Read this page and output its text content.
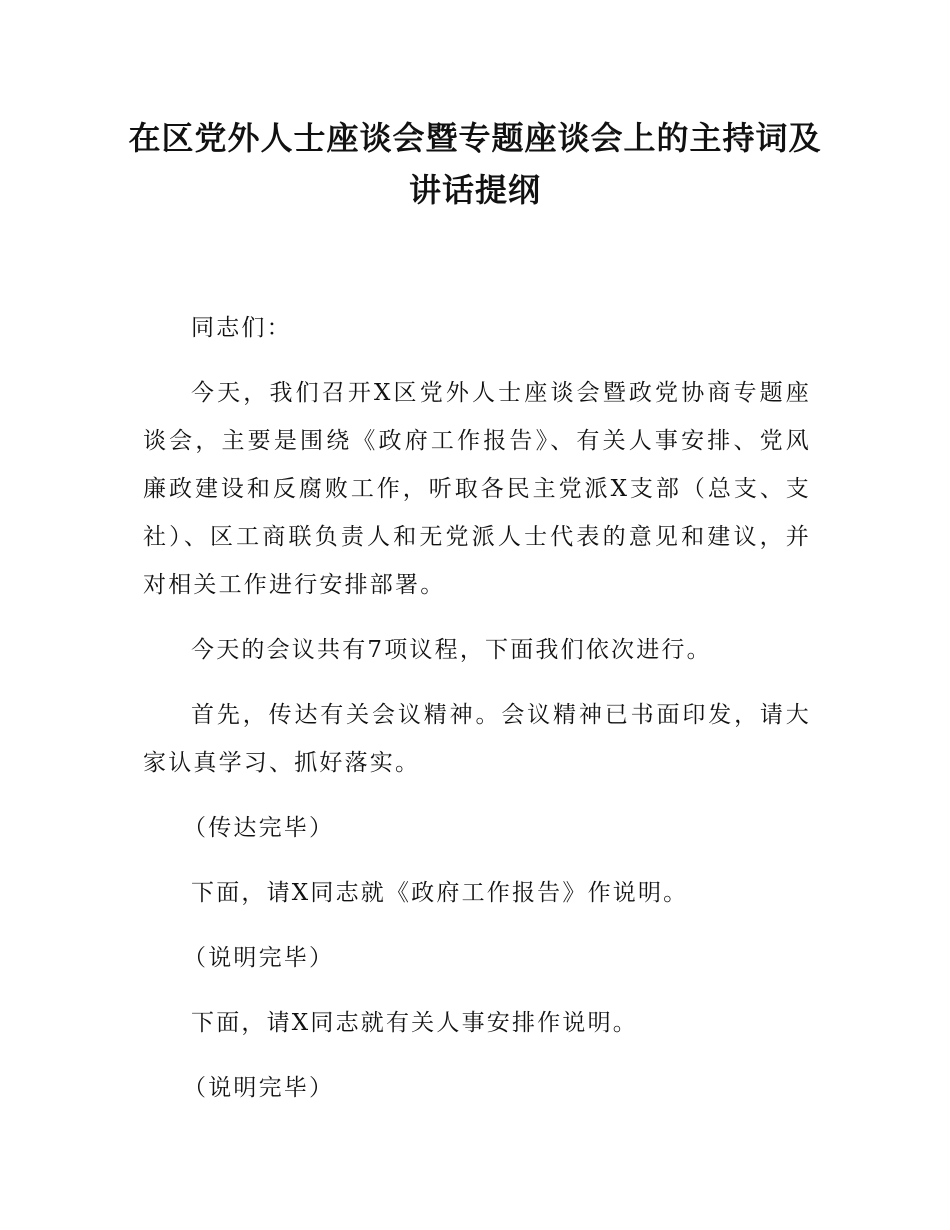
在区党外人士座谈会暨专题座谈会上的主持词及讲话提纲

同志们：

今天，我们召开X区党外人士座谈会暨政党协商专题座谈会，主要是围绕《政府工作报告》、有关人事安排、党风廉政建设和反腐败工作，听取各民主党派X支部（总支、支社）、区工商联负责人和无党派人士代表的意见和建议，并对相关工作进行安排部署。

今天的会议共有7项议程，下面我们依次进行。

首先，传达有关会议精神。会议精神已书面印发，请大家认真学习、抓好落实。

（传达完毕）

下面，请X同志就《政府工作报告》作说明。

（说明完毕）

下面，请X同志就有关人事安排作说明。

（说明完毕）
